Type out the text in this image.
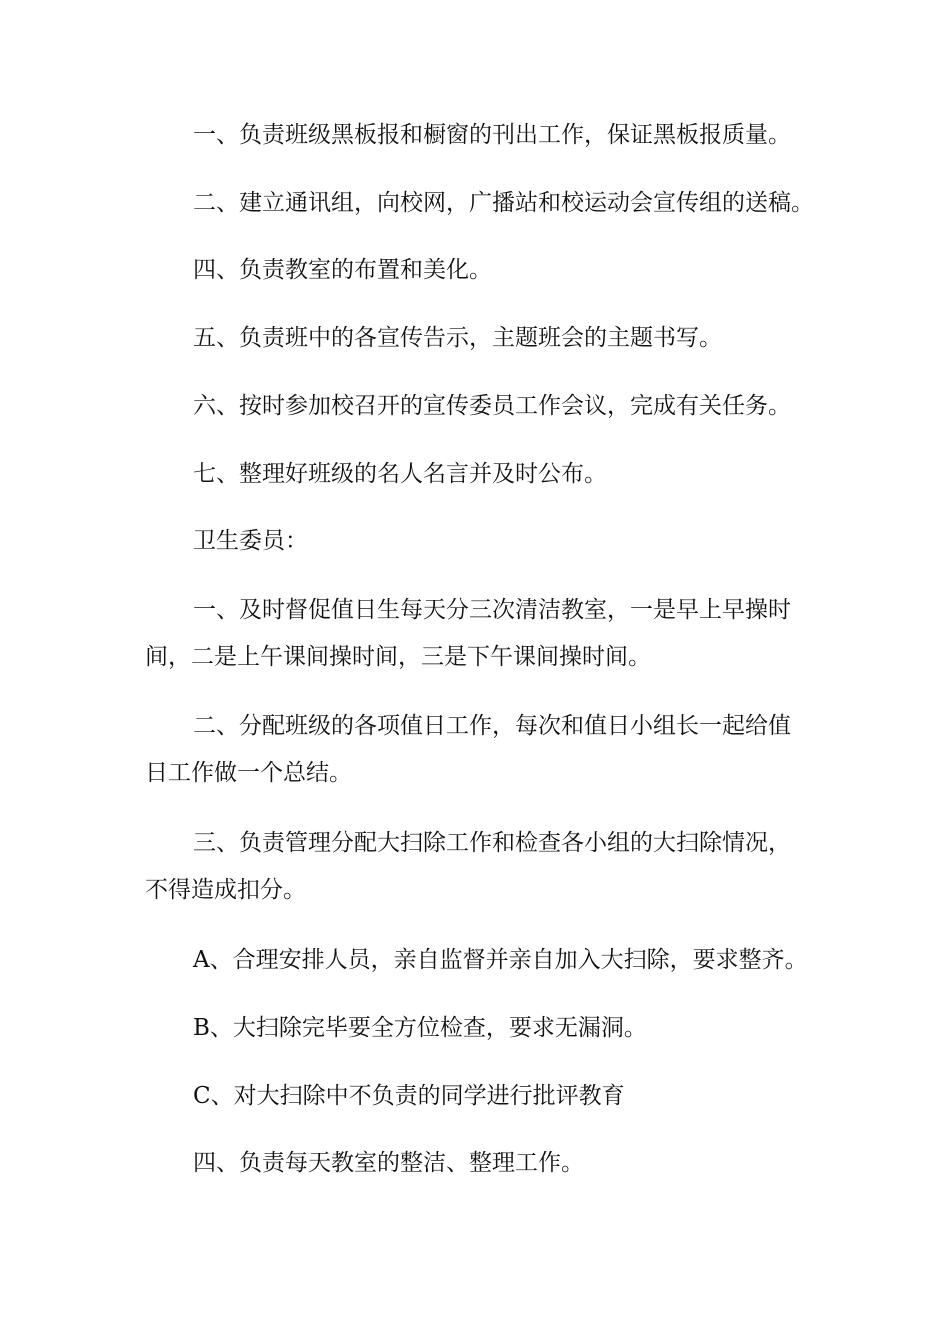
一、负责班级黑板报和橱窗的刊出工作，保证黑板报质量。

二、建立通讯组，向校网，广播站和校运动会宣传组的送稿。

四、负责教室的布置和美化。

五、负责班中的各宣传告示，主题班会的主题书写。

六、按时参加校召开的宣传委员工作会议，完成有关任务。

七、整理好班级的名人名言并及时公布。

卫生委员：

一、及时督促值日生每天分三次清洁教室，一是早上早操时间，二是上午课间操时间，三是下午课间操时间。

二、分配班级的各项值日工作，每次和值日小组长一起给值日工作做一个总结。

三、负责管理分配大扫除工作和检查各小组的大扫除情况，不得造成扣分。

A、合理安排人员，亲自监督并亲自加入大扫除，要求整齐。

B、大扫除完毕要全方位检查，要求无漏洞。

C、对大扫除中不负责的同学进行批评教育

四、负责每天教室的整洁、整理工作。
